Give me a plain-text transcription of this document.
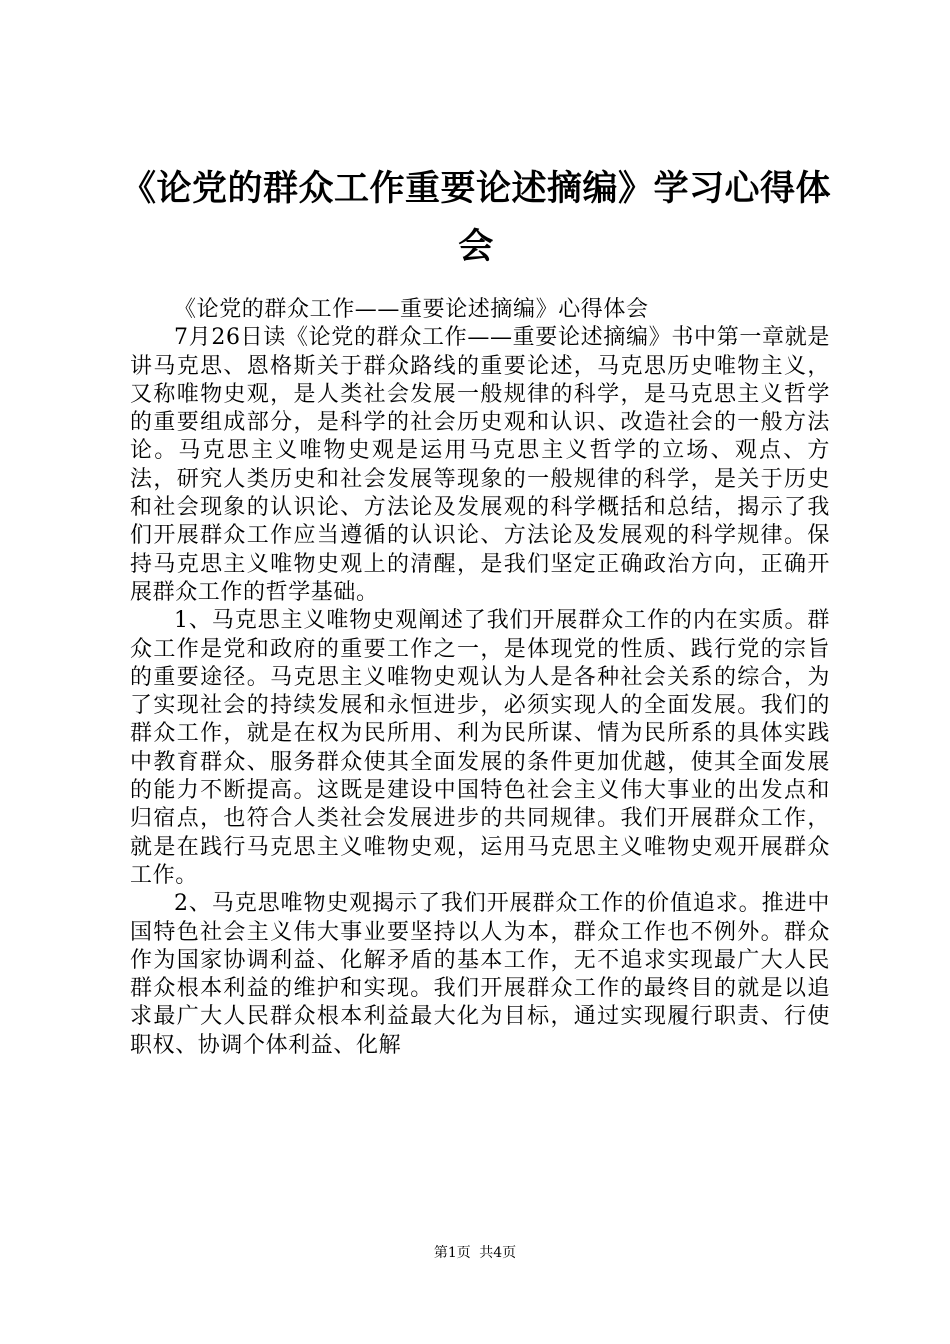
《论党的群众工作重要论述摘编》学习心得体会

《论党的群众工作——重要论述摘编》心得体会

7月26日读《论党的群众工作——重要论述摘编》书中第一章就是讲马克思、恩格斯关于群众路线的重要论述，马克思历史唯物主义，又称唯物史观，是人类社会发展一般规律的科学，是马克思主义哲学的重要组成部分，是科学的社会历史观和认识、改造社会的一般方法论。马克思主义唯物史观是运用马克思主义哲学的立场、观点、方法，研究人类历史和社会发展等现象的一般规律的科学，是关于历史和社会现象的认识论、方法论及发展观的科学概括和总结，揭示了我们开展群众工作应当遵循的认识论、方法论及发展观的科学规律。保持马克思主义唯物史观上的清醒，是我们坚定正确政治方向，正确开展群众工作的哲学基础。

1、马克思主义唯物史观阐述了我们开展群众工作的内在实质。群众工作是党和政府的重要工作之一，是体现党的性质、践行党的宗旨的重要途径。马克思主义唯物史观认为人是各种社会关系的综合，为了实现社会的持续发展和永恒进步，必须实现人的全面发展。我们的群众工作，就是在权为民所用、利为民所谋、情为民所系的具体实践中教育群众、服务群众使其全面发展的条件更加优越，使其全面发展的能力不断提高。这既是建设中国特色社会主义伟大事业的出发点和归宿点，也符合人类社会发展进步的共同规律。我们开展群众工作，就是在践行马克思主义唯物史观，运用马克思主义唯物史观开展群众工作。

2、马克思唯物史观揭示了我们开展群众工作的价值追求。推进中国特色社会主义伟大事业要坚持以人为本，群众工作也不例外。群众作为国家协调利益、化解矛盾的基本工作，无不追求实现最广大人民群众根本利益的维护和实现。我们开展群众工作的最终目的就是以追求最广大人民群众根本利益最大化为目标，通过实现履行职责、行使职权、协调个体利益、化解

第1页 共4页
